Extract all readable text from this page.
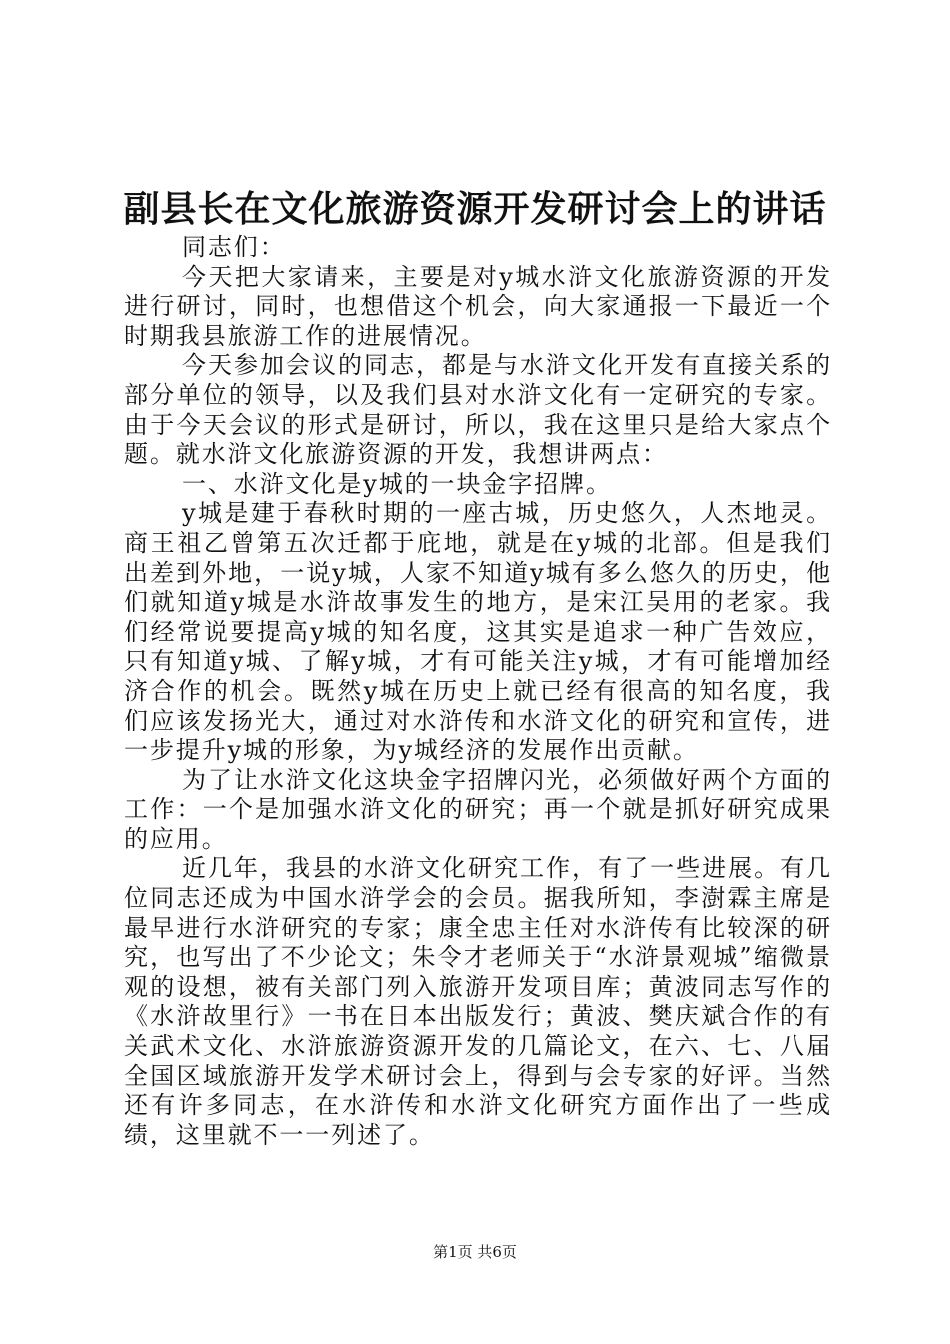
副县长在文化旅游资源开发研讨会上的讲话

同志们：

今天把大家请来，主要是对y城水浒文化旅游资源的开发进行研讨，同时，也想借这个机会，向大家通报一下最近一个时期我县旅游工作的进展情况。

今天参加会议的同志，都是与水浒文化开发有直接关系的部分单位的领导，以及我们县对水浒文化有一定研究的专家。由于今天会议的形式是研讨，所以，我在这里只是给大家点个题。就水浒文化旅游资源的开发，我想讲两点：

一、水浒文化是y城的一块金字招牌。

y城是建于春秋时期的一座古城，历史悠久，人杰地灵。商王祖乙曾第五次迁都于庇地，就是在y城的北部。但是我们出差到外地，一说y城，人家不知道y城有多么悠久的历史，他们就知道y城是水浒故事发生的地方，是宋江吴用的老家。我们经常说要提高y城的知名度，这其实是追求一种广告效应，只有知道y城、了解y城，才有可能关注y城，才有可能增加经济合作的机会。既然y城在历史上就已经有很高的知名度，我们应该发扬光大，通过对水浒传和水浒文化的研究和宣传，进一步提升y城的形象，为y城经济的发展作出贡献。

为了让水浒文化这块金字招牌闪光，必须做好两个方面的工作：一个是加强水浒文化的研究；再一个就是抓好研究成果的应用。

近几年，我县的水浒文化研究工作，有了一些进展。有几位同志还成为中国水浒学会的会员。据我所知，李澍霖主席是最早进行水浒研究的专家；康全忠主任对水浒传有比较深的研究，也写出了不少论文；朱令才老师关于“水浒景观城”缩微景观的设想，被有关部门列入旅游开发项目库；黄波同志写作的《水浒故里行》一书在日本出版发行；黄波、樊庆斌合作的有关武术文化、水浒旅游资源开发的几篇论文，在六、七、八届全国区域旅游开发学术研讨会上，得到与会专家的好评。当然还有许多同志，在水浒传和水浒文化研究方面作出了一些成绩，这里就不一一列述了。

第1页 共6页
